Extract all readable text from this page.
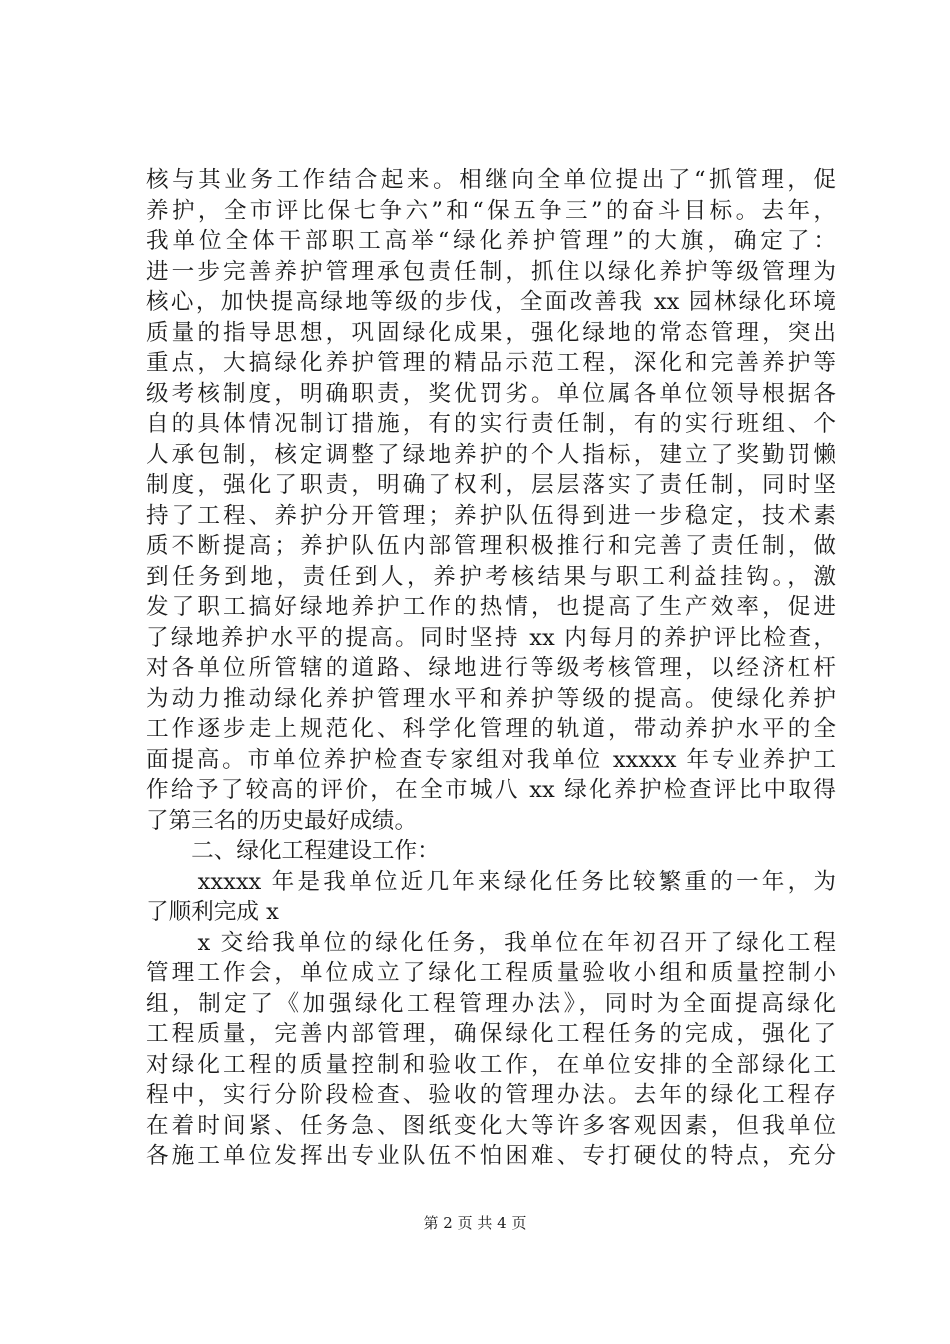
核与其业务工作结合起来。相继向全单位提出了“抓管理，促
养护，全市评比保七争六”和“保五争三”的奋斗目标。去年，
我单位全体干部职工高举“绿化养护管理”的大旗，确定了：
进一步完善养护管理承包责任制，抓住以绿化养护等级管理为
核心，加快提高绿地等级的步伐，全面改善我 xx 园林绿化环境
质量的指导思想，巩固绿化成果，强化绿地的常态管理，突出
重点，大搞绿化养护管理的精品示范工程，深化和完善养护等
级考核制度，明确职责，奖优罚劣。单位属各单位领导根据各
自的具体情况制订措施，有的实行责任制，有的实行班组、个
人承包制，核定调整了绿地养护的个人指标，建立了奖勤罚懒
制度，强化了职责，明确了权利，层层落实了责任制，同时坚
持了工程、养护分开管理；养护队伍得到进一步稳定，技术素
质不断提高；养护队伍内部管理积极推行和完善了责任制，做
到任务到地，责任到人，养护考核结果与职工利益挂钩。，激
发了职工搞好绿地养护工作的热情，也提高了生产效率，促进
了绿地养护水平的提高。同时坚持 xx 内每月的养护评比检查，
对各单位所管辖的道路、绿地进行等级考核管理，以经济杠杆
为动力推动绿化养护管理水平和养护等级的提高。使绿化养护
工作逐步走上规范化、科学化管理的轨道，带动养护水平的全
面提高。市单位养护检查专家组对我单位 xxxxx 年专业养护工
作给予了较高的评价，在全市城八 xx 绿化养护检查评比中取得
了第三名的历史最好成绩。
　　二、绿化工程建设工作：
　　xxxxx 年是我单位近几年来绿化任务比较繁重的一年，为
了顺利完成 x
　　x 交给我单位的绿化任务，我单位在年初召开了绿化工程
管理工作会，单位成立了绿化工程质量验收小组和质量控制小
组，制定了《加强绿化工程管理办法》，同时为全面提高绿化
工程质量，完善内部管理，确保绿化工程任务的完成，强化了
对绿化工程的质量控制和验收工作，在单位安排的全部绿化工
程中，实行分阶段检查、验收的管理办法。去年的绿化工程存
在着时间紧、任务急、图纸变化大等许多客观因素，但我单位
各施工单位发挥出专业队伍不怕困难、专打硬仗的特点，充分
第 2 页 共 4 页
